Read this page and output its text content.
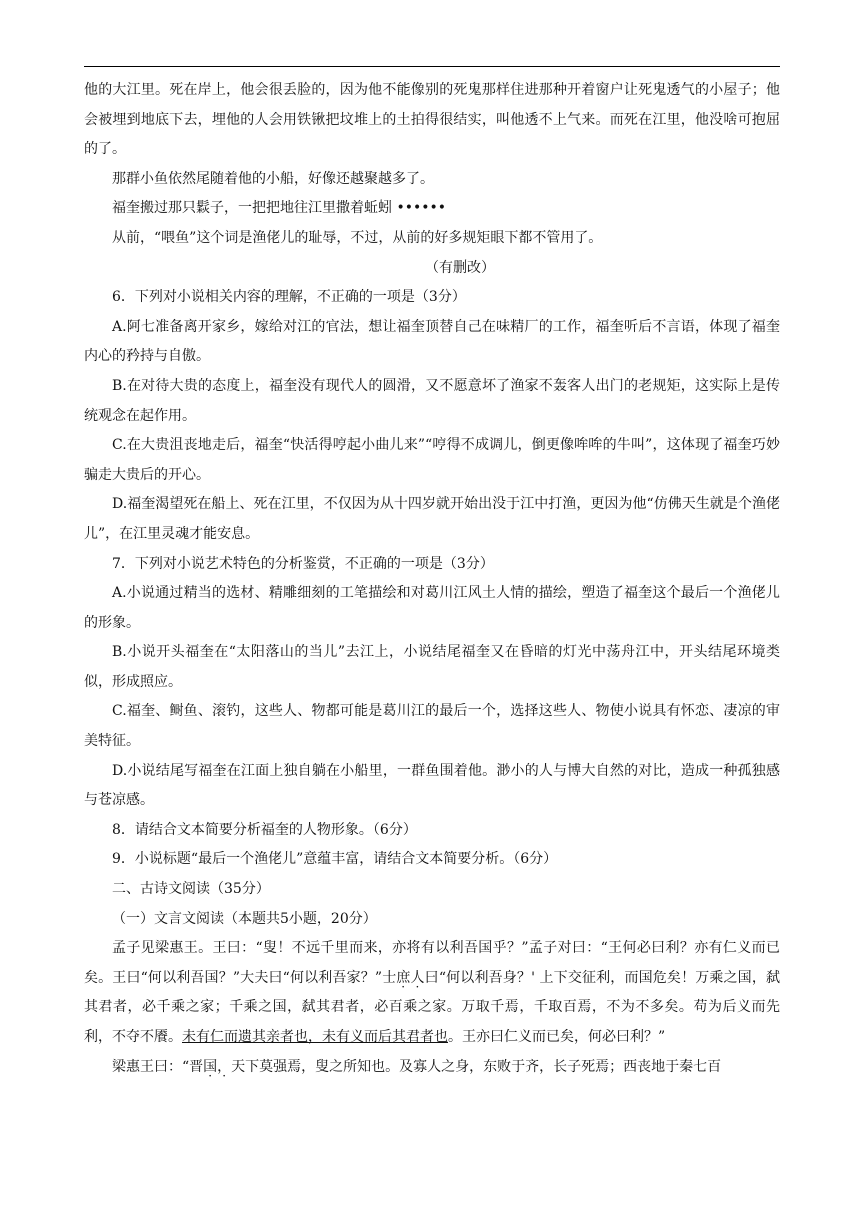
他的大江里。死在岸上，他会很丢脸的，因为他不能像别的死鬼那样住进那种开着窗户让死鬼透气的小屋子；他会被埋到地底下去，埋他的人会用铁锹把坟堆上的土拍得很结实，叫他透不上气来。而死在江里，他没啥可抱屈的了。

那群小鱼依然尾随着他的小船，好像还越聚越多了。

福奎搬过那只鬏子，一把把地往江里撒着蚯蚓 ••••••

从前，“喂鱼”这个词是渔佬儿的耻辱，不过，从前的好多规矩眼下都不管用了。

（有删改）

6．下列对小说相关内容的理解，不正确的一项是（3分）

A.阿七准备离开家乡，嫁给对江的官法，想让福奎顶替自己在味精厂的工作，福奎听后不言语，体现了福奎内心的矜持与自傲。

B.在对待大贵的态度上，福奎没有现代人的圆滑，又不愿意坏了渔家不轰客人出门的老规矩，这实际上是传统观念在起作用。

C.在大贵沮丧地走后，福奎“快活得哼起小曲儿来”“哼得不成调儿，倒更像哞哞的牛叫”，这体现了福奎巧妙骗走大贵后的开心。

D.福奎渴望死在船上、死在江里，不仅因为从十四岁就开始出没于江中打渔，更因为他“仿佛天生就是个渔佬儿”，在江里灵魂才能安息。

7．下列对小说艺术特色的分析鉴赏，不正确的一项是（3分）

A.小说通过精当的选材、精雕细刻的工笔描绘和对葛川江风土人情的描绘，塑造了福奎这个最后一个渔佬儿的形象。

B.小说开头福奎在“太阳落山的当儿”去江上，小说结尾福奎又在昏暗的灯光中荡舟江中，开头结尾环境类似，形成照应。

C.福奎、鲥鱼、滚钓，这些人、物都可能是葛川江的最后一个，选择这些人、物使小说具有怀恋、凄凉的审美特征。

D.小说结尾写福奎在江面上独自躺在小船里，一群鱼围着他。渺小的人与博大自然的对比，造成一种孤独感与苍凉感。

8．请结合文本简要分析福奎的人物形象。（6分）

9．小说标题“最后一个渔佬儿”意蕴丰富，请结合文本简要分析。（6分）

二、古诗文阅读（35分）

（一）文言文阅读（本题共5小题，20分）

孟子见梁惠王。王曰：“叟！不远千里而来，亦将有以利吾国乎？”孟子对曰：“王何必曰利？亦有仁义而已矣。王曰“何以利吾国？”大夫曰“何以利吾家？”士庶人曰“何以利吾身？' 上下交征利，而国危矣！万乘之国，弑其君者，必千乘之家；千乘之国，弑其君者，必百乘之家。万取千焉，千取百焉，不为不多矣。苟为后义而先利，不夺不餍。未有仁而遗其亲者也，未有义而后其君者也。王亦曰仁义而已矣，何必曰利？”

梁惠王曰：“晋国，天下莫强焉，叟之所知也。及寡人之身，东败于齐，长子死焉；西丧地于秦七百
